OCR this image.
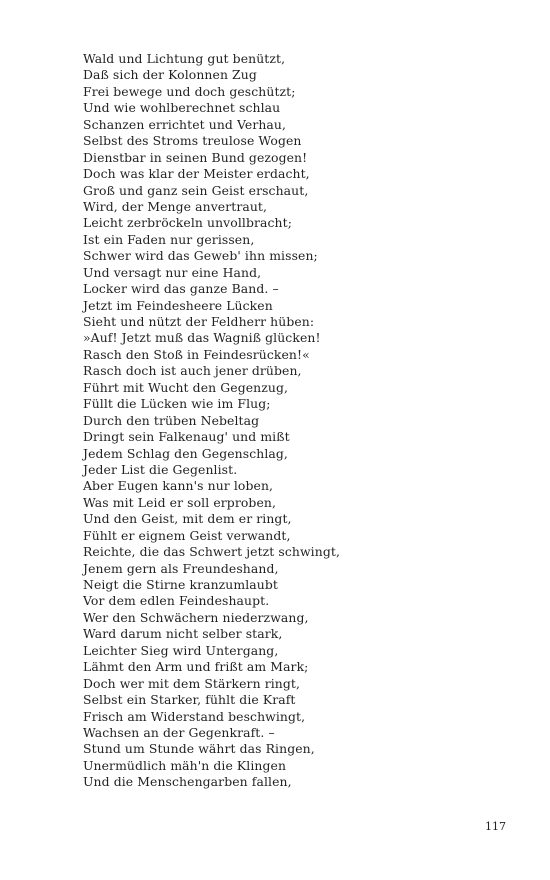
Wald und Lichtung gut benützt,
Daß sich der Kolonnen Zug
Frei bewege und doch geschützt;
Und wie wohlberechnet schlau
Schanzen errichtet und Verhau,
Selbst des Stroms treulose Wogen
Dienstbar in seinen Bund gezogen!
Doch was klar der Meister erdacht,
Groß und ganz sein Geist erschaut,
Wird, der Menge anvertraut,
Leicht zerbröckeln unvollbracht;
Ist ein Faden nur gerissen,
Schwer wird das Geweb' ihn missen;
Und versagt nur eine Hand,
Locker wird das ganze Band. –
Jetzt im Feindesheere Lücken
Sieht und nützt der Feldherr hüben:
»Auf! Jetzt muß das Wagniß glücken!
Rasch den Stoß in Feindesrücken!«
Rasch doch ist auch jener drüben,
Führt mit Wucht den Gegenzug,
Füllt die Lücken wie im Flug;
Durch den trüben Nebeltag
Dringt sein Falkenaug' und mißt
Jedem Schlag den Gegenschlag,
Jeder List die Gegenlist.
Aber Eugen kann's nur loben,
Was mit Leid er soll erproben,
Und den Geist, mit dem er ringt,
Fühlt er eignem Geist verwandt,
Reichte, die das Schwert jetzt schwingt,
Jenem gern als Freundeshand,
Neigt die Stirne kranzumlaubt
Vor dem edlen Feindeshaupt.
Wer den Schwächern niederzwang,
Ward darum nicht selber stark,
Leichter Sieg wird Untergang,
Lähmt den Arm und frißt am Mark;
Doch wer mit dem Stärkern ringt,
Selbst ein Starker, fühlt die Kraft
Frisch am Widerstand beschwingt,
Wachsen an der Gegenkraft. –
Stund um Stunde währt das Ringen,
Unermüdlich mäh'n die Klingen
Und die Menschengarben fallen,
117
